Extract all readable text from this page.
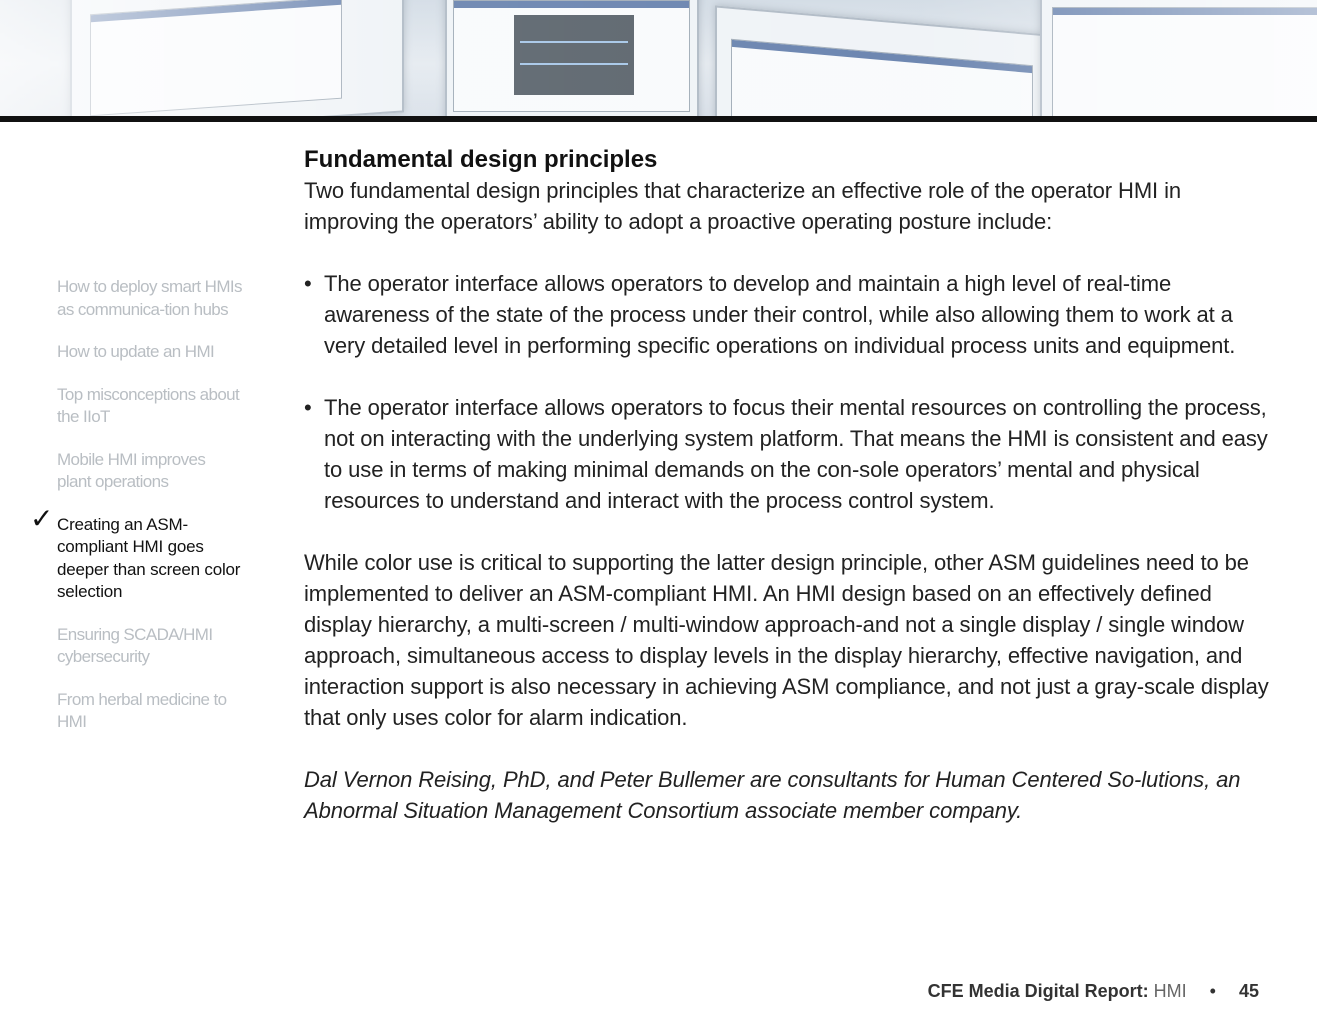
How to deploy smart HMIs as communica-tion hubs
How to update an HMI
Top misconceptions about the IIoT
Mobile HMI improves plant operations
✓ Creating an ASM-compliant HMI goes deeper than screen color selection
Ensuring SCADA/HMI cybersecurity
From herbal medicine to HMI
Fundamental design principles

Two fundamental design principles that characterize an effective role of the operator HMI in improving the operators’ ability to adopt a proactive operating posture include:

• The operator interface allows operators to develop and maintain a high level of real-time awareness of the state of the process under their control, while also allowing them to work at a very detailed level in performing specific operations on individual process units and equipment.
• The operator interface allows operators to focus their mental resources on controlling the process, not on interacting with the underlying system platform. That means the HMI is consistent and easy to use in terms of making minimal demands on the con-sole operators’ mental and physical resources to understand and interact with the process control system.

While color use is critical to supporting the latter design principle, other ASM guidelines need to be implemented to deliver an ASM-compliant HMI. An HMI design based on an effectively defined display hierarchy, a multi-screen / multi-window approach-and not a single display / single window approach, simultaneous access to display levels in the display hierarchy, effective navigation, and interaction support is also necessary in achieving ASM compliance, and not just a gray-scale display that only uses color for alarm indication.

Dal Vernon Reising, PhD, and Peter Bullemer are consultants for Human Centered So-lutions, an Abnormal Situation Management Consortium associate member company.

CFE Media Digital Report: HMI • 45
